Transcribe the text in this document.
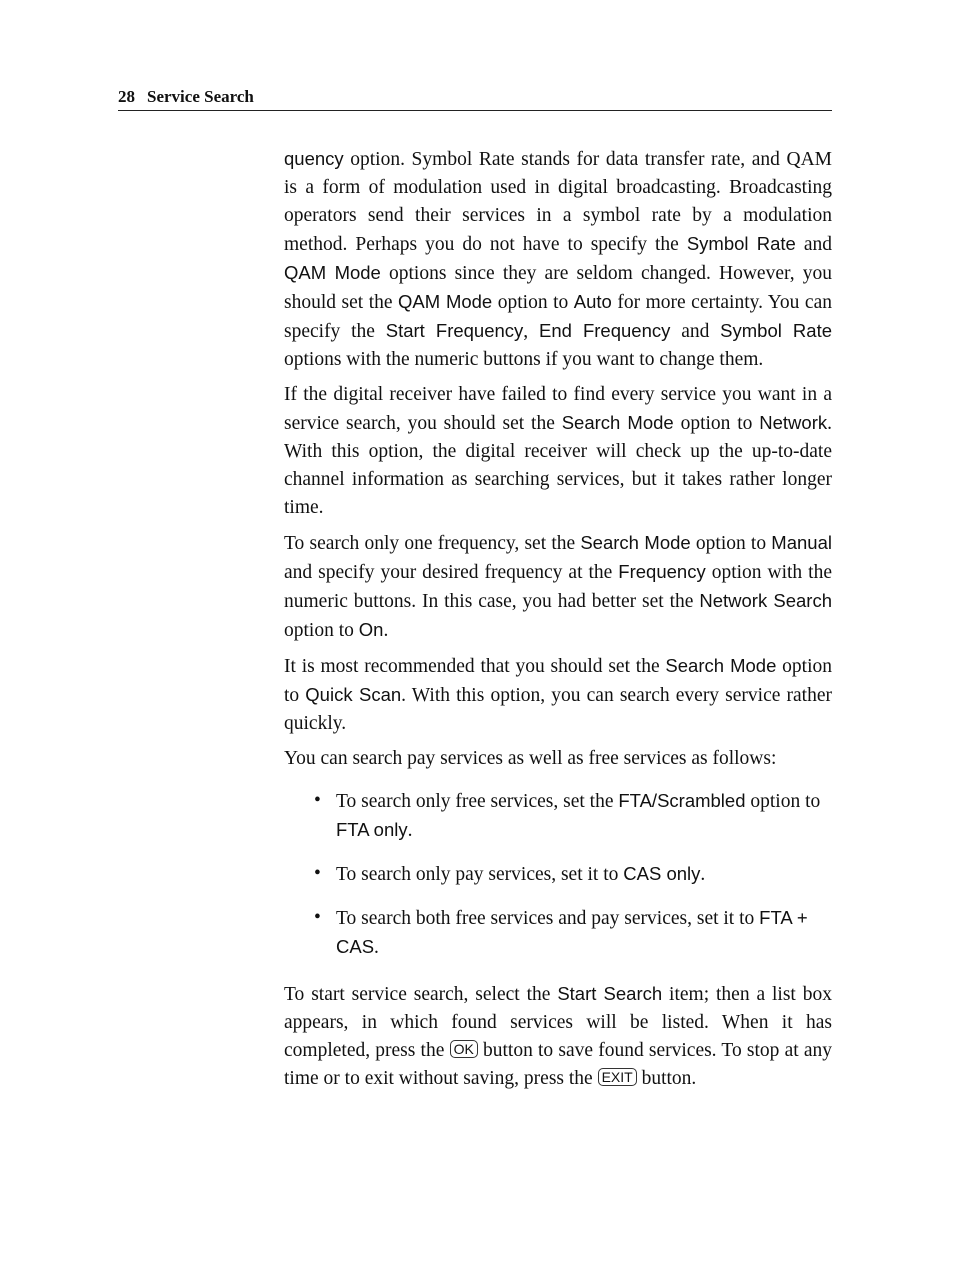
28 Service Search

quency option. Symbol Rate stands for data transfer rate, and QAM is a form of modulation used in digital broadcasting. Broadcasting operators send their services in a symbol rate by a modulation method. Perhaps you do not have to specify the Symbol Rate and QAM Mode options since they are seldom changed. However, you should set the QAM Mode option to Auto for more certainty. You can specify the Start Frequency, End Frequency and Symbol Rate options with the numeric buttons if you want to change them.

If the digital receiver have failed to find every service you want in a service search, you should set the Search Mode option to Network. With this option, the digital receiver will check up the up-to-date channel information as searching services, but it takes rather longer time.

To search only one frequency, set the Search Mode option to Manual and specify your desired frequency at the Frequency option with the numeric buttons. In this case, you had better set the Network Search option to On.

It is most recommended that you should set the Search Mode option to Quick Scan. With this option, you can search every service rather quickly.

You can search pay services as well as free services as follows:

• To search only free services, set the FTA/Scrambled option to FTA only.
• To search only pay services, set it to CAS only.
• To search both free services and pay services, set it to FTA + CAS.

To start service search, select the Start Search item; then a list box appears, in which found services will be listed. When it has completed, press the OK button to save found services. To stop at any time or to exit without saving, press the EXIT button.
